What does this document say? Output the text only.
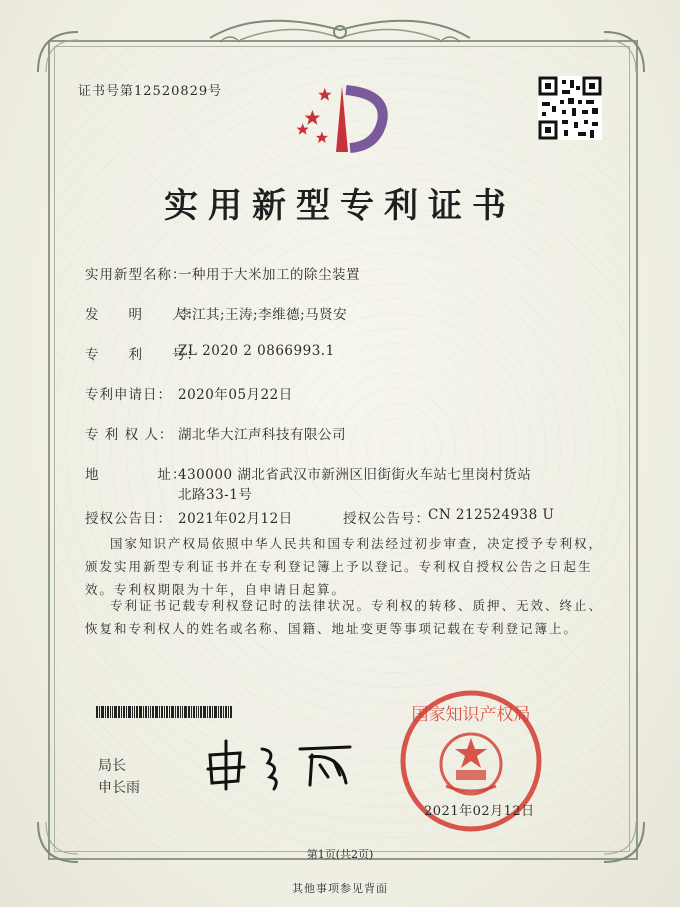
证书号第12520829号
实用新型专利证书
实用新型名称：
一种用于大米加工的除尘装置
发　　明　　人：
李江其;王涛;李维德;马贤安
专　　利　　号：
ZL 2020 2 0866993.1
专利申请日： 2020年05月22日
专 利 权 人： 湖北华大江声科技有限公司
地　　　　址：
430000 湖北省武汉市新洲区旧街街火车站七里岗村货站
北路33-1号
授权公告日： 2021年02月12日	授权公告号：
CN 212524938 U
国家知识产权局依照中华人民共和国专利法经过初步审查，决定授予专利权，颁发实用新型专利证书并在专利登记簿上予以登记。专利权自授权公告之日起生效。专利权期限为十年，自申请日起算。
专利证书记载专利权登记时的法律状况。专利权的转移、质押、无效、终止、恢复和专利权人的姓名或名称、国籍、地址变更等事项记载在专利登记簿上。
局长
申长雨
国家知识产权局
2021年02月12日
第1页(共2页)
其他事项参见背面
